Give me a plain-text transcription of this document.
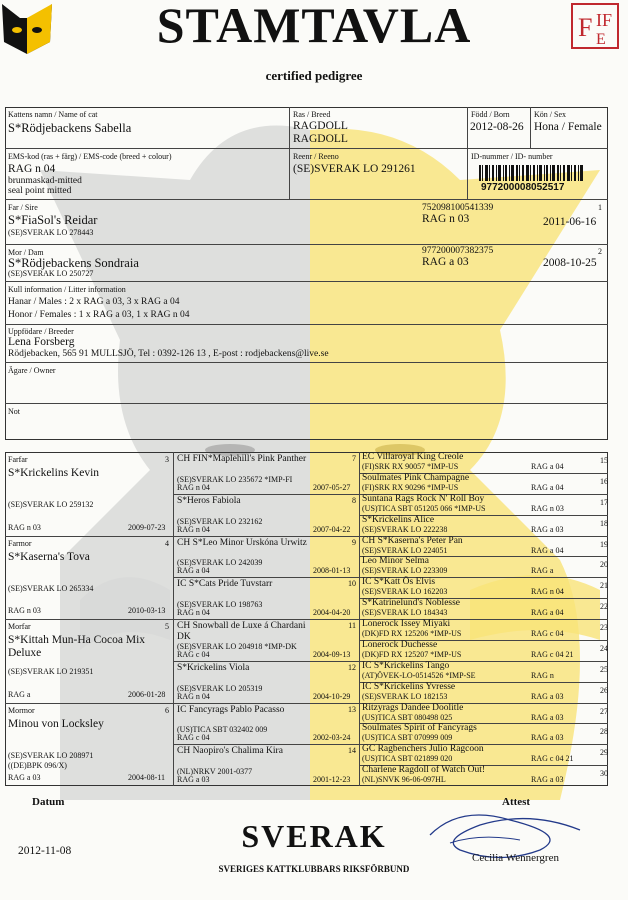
F IF
E
STAMTAVLA
certified pedigree
Kattens namn / Name of cat
S*Rödjebackens Sabella
Ras / Breed
RAGDOLL
RAGDOLL
Född / Born
2012-08-26
Kön / Sex
Hona / Female
EMS-kod (ras + färg) / EMS-code (breed + colour)
RAG n 04
brunmaskad-mitted
seal point mitted
Reenr / Reeno
(SE)SVERAK LO 291261
ID-nummer / ID- number
977200008052517
Far / Sire
S*FiaSol's Reidar
(SE)SVERAK LO 278443
752098100541339
RAG n 03	2011-06-16
1
Mor / Dam
S*Rödjebackens Sondraia
(SE)SVERAK LO 250727
977200007382375
RAG a 03	2008-10-25
2
Kull information / Litter information
Hanar / Males : 2 x RAG a 03, 3 x RAG a 04
Honor / Females : 1 x RAG a 03, 1 x RAG n 04
Uppfödare / Breeder
Lena Forsberg
Rödjebacken, 565 91 MULLSJÖ, Tel : 0392-126 13 , E-post : rodjebackens@live.se
Ägare / Owner
Not
Farfar	3
S*Krickelins Kevin
(SE)SVERAK LO 259132
RAG n 03	2009-07-23
Farmor	4
S*Kaserna's Tova
(SE)SVERAK LO 265334
RAG n 03	2010-03-13
Morfar	5
S*Kittah Mun-Ha Cocoa Mix
Deluxe
(SE)SVERAK LO 219351
RAG a	2006-01-28
Mormor	6
Minou von Locksley
(SE)SVERAK LO 208971
((DE)BPK 096/X)
RAG a 03	2004-08-11
CH FIN*Maplehill's Pink Panther	7
(SE)SVERAK LO 235672 *IMP-FI
RAG n 04	2007-05-27
S*Heros Fabiola	8
(SE)SVERAK LO 232162
RAG n 04	2007-04-22
CH S*Leo Minor Urskóna Urwitz	9
(SE)SVERAK LO 242039
RAG a 04	2008-01-13
IC S*Cats Pride Tuvstarr	10
(SE)SVERAK LO 198763
RAG n 04	2004-04-20
CH Snowball de Luxe á Chardani	11
DK
(SE)SVERAK LO 204918 *IMP-DK
RAG c 04	2004-09-13
S*Krickelins Viola	12
(SE)SVERAK LO 205319
RAG n 04	2004-10-29
IC Fancyrags Pablo Pacasso	13
(US)TICA SBT 032402 009
RAG c 04	2002-03-24
CH Naopiro's Chalima Kira	14
(NL)NRKV 2001-0377
RAG a 03	2001-12-23
EC Villaroyal King Creole	15
(FI)SRK RX 90057 *IMP-US	RAG a 04
Soulmates Pink Champagne	16
(FI)SRK RX 90296 *IMP-US	RAG a 04
Suntana Rags Rock N' Roll Boy	17
(US)TICA SBT 051205 066 *IMP-US	RAG n 03
S*Krickelins Alice	18
(SE)SVERAK LO 222238	RAG a 03
CH S*Kaserna's Peter Pan	19
(SE)SVERAK LO 224051	RAG a 04
Leo Minor Selma	20
(SE)SVERAK LO 223309	RAG a
IC S*Katt Ös Elvis	21
(SE)SVERAK LO 162203	RAG n 04
S*Katrinelund's Noblesse	22
(SE)SVERAK LO 184343	RAG a 04
Lonerock Issey Miyaki	23
(DK)FD RX 125206 *IMP-US	RAG c 04
Lonerock Duchesse	24
(DK)FD RX 125207 *IMP-US	RAG c 04 21
IC S*Krickelins Tango	25
(AT)ÖVEK-LO-0514526 *IMP-SE	RAG n
IC S*Krickelins Yvresse	26
(SE)SVERAK LO 182153	RAG a 03
Ritzyrags Dandee Doolitle	27
(US)TICA SBT 080498 025	RAG a 03
Soulmates Spirit of Fancyrags	28
(US)TICA SBT 070999 009	RAG a 03
GC Ragbenchers Julio Ragcoon	29
(US)TICA SBT 021899 020	RAG c 04 21
Charlene Ragdoll of Watch Out!	30
(NL)SNVK 96-06-097HL	RAG a 03
Datum
2012-11-08	SVERAK
SVERIGES KATTKLUBBARS RIKSFÖRBUND
Attest
Cecilia Wennergren
